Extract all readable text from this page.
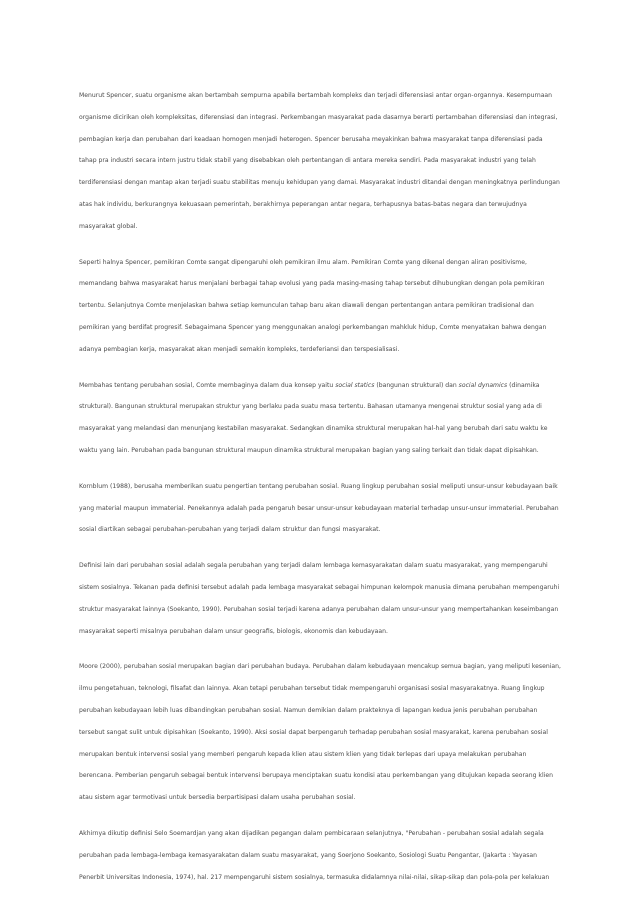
Menurut Spencer, suatu organisme akan bertambah sempurna apabila bertambah kompleks dan terjadi diferensiasi antar organ-organnya. Kesempurnaan organisme dicirikan oleh kompleksitas, diferensiasi dan integrasi. Perkembangan masyarakat pada dasarnya berarti pertambahan diferensiasi dan integrasi, pembagian kerja dan perubahan dari keadaan homogen menjadi heterogen. Spencer berusaha meyakinkan bahwa masyarakat tanpa diferensiasi pada tahap pra industri secara intern justru tidak stabil yang disebabkan oleh pertentangan di antara mereka sendiri. Pada masyarakat industri yang telah terdiferensiasi dengan mantap akan terjadi suatu stabilitas menuju kehidupan yang damai. Masyarakat industri ditandai dengan meningkatnya perlindungan atas hak individu, berkurangnya kekuasaan pemerintah, berakhirnya peperangan antar negara, terhapusnya batas-batas negara dan terwujudnya masyarakat global.

Seperti halnya Spencer, pemikiran Comte sangat dipengaruhi oleh pemikiran ilmu alam. Pemikiran Comte yang dikenal dengan aliran positivisme, memandang bahwa masyarakat harus menjalani berbagai tahap evolusi yang pada masing-masing tahap tersebut dihubungkan dengan pola pemikiran tertentu. Selanjutnya Comte menjelaskan bahwa setiap kemunculan tahap baru akan diawali dengan pertentangan antara pemikiran tradisional dan pemikiran yang berdifat progresif. Sebagaimana Spencer yang menggunakan analogi perkembangan mahkluk hidup, Comte menyatakan bahwa dengan adanya pembagian kerja, masyarakat akan menjadi semakin kompleks, terdeferiansi dan terspesialisasi.

Membahas tentang perubahan sosial, Comte membaginya dalam dua konsep yaitu social statics (bangunan struktural) dan social dynamics (dinamika struktural). Bangunan struktural merupakan struktur yang berlaku pada suatu masa tertentu. Bahasan utamanya mengenai struktur sosial yang ada di masyarakat yang melandasi dan menunjang kestabilan masyarakat. Sedangkan dinamika struktural merupakan hal-hal yang berubah dari satu waktu ke waktu yang lain. Perubahan pada bangunan struktural maupun dinamika struktural merupakan bagian yang saling terkait dan tidak dapat dipisahkan.

Kornblum (1988), berusaha memberikan suatu pengertian tentang perubahan sosial. Ruang lingkup perubahan sosial meliputi unsur-unsur kebudayaan baik yang material maupun immaterial. Penekannya adalah pada pengaruh besar unsur-unsur kebudayaan material terhadap unsur-unsur immaterial. Perubahan sosial diartikan sebagai perubahan-perubahan yang terjadi dalam struktur dan fungsi masyarakat.

Definisi lain dari perubahan sosial adalah segala perubahan yang terjadi dalam lembaga kemasyarakatan dalam suatu masyarakat, yang mempengaruhi sistem sosialnya. Tekanan pada definisi tersebut adalah pada lembaga masyarakat sebagai himpunan kelompok manusia dimana perubahan mempengaruhi struktur masyarakat lainnya (Soekanto, 1990). Perubahan sosial terjadi karena adanya perubahan dalam unsur-unsur yang mempertahankan keseimbangan masyarakat seperti misalnya perubahan dalam unsur geografis, biologis, ekonomis dan kebudayaan.

Moore (2000), perubahan sosial merupakan bagian dari perubahan budaya. Perubahan dalam kebudayaan mencakup semua bagian, yang meliputi kesenian, ilmu pengetahuan, teknologi, filsafat dan lainnya. Akan tetapi perubahan tersebut tidak mempengaruhi organisasi sosial masyarakatnya. Ruang lingkup perubahan kebudayaan lebih luas dibandingkan perubahan sosial. Namun demikian dalam prakteknya di lapangan kedua jenis perubahan perubahan tersebut sangat sulit untuk dipisahkan (Soekanto, 1990). Aksi sosial dapat berpengaruh terhadap perubahan sosial masyarakat, karena perubahan sosial merupakan bentuk intervensi sosial yang memberi pengaruh kepada klien atau sistem klien yang tidak terlepas dari upaya melakukan perubahan berencana. Pemberian pengaruh sebagai bentuk intervensi berupaya menciptakan suatu kondisi atau perkembangan yang ditujukan kepada seorang klien atau sistem agar termotivasi untuk bersedia berpartisipasi dalam usaha perubahan sosial.

Akhirnya dikutip definisi Selo Soemardjan yang akan dijadikan pegangan dalam pembicaraan selanjutnya, "Perubahan - perubahan sosial adalah segala perubahan pada lembaga-lembaga kemasyarakatan dalam suatu masyarakat, yang Soerjono Soekanto, Sosiologi Suatu Pengantar, (Jakarta : Yayasan Penerbit Universitas Indonesia, 1974), hal. 217 mempengaruhi sistem sosialnya, termasuka didalamnya nilai-nilai, sikap-sikap dan pola-pola per kelakuan
